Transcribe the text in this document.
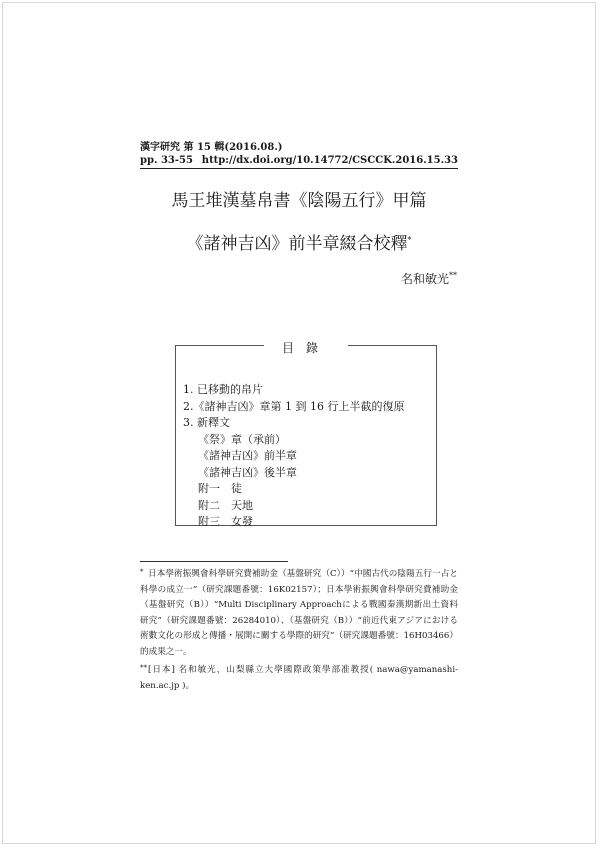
漢字研究 第 15 輯(2016.08.)
pp. 33-55 http://dx.doi.org/10.14772/CSCCK.2016.15.33
馬王堆漢墓帛書《陰陽五行》甲篇
《諸神吉凶》前半章綴合校釋*
名和敏光**
目錄
1. 已移動的帛片
2.《諸神吉凶》章第 1 到 16 行上半截的復原
3. 新釋文
《祭》章（承前）
《諸神吉凶》前半章
《諸神吉凶》後半章
附一　徒
附二　天地
附三　女發
* 日本學術振興會科學研究費補助金（基盤研究（C））“中國古代の陰陽五行一占と科學の成立一”（研究課題番號：16K02157）；日本學術振興會科學研究費補助金（基盤研究（B））“Multi Disciplinary Approachによる戰國秦漢期新出土資料研究”（研究課題番號：26284010）、（基盤研究（B））“前近代東アジアにおける術數文化の形成と傳播・展開に關する學際的研究”（研究課題番號：16H03466）的成果之一。
**[日本] 名和敏光，山梨縣立大學國際政策學部准教授( nawa@yamanashi-ken.ac.jp )。
